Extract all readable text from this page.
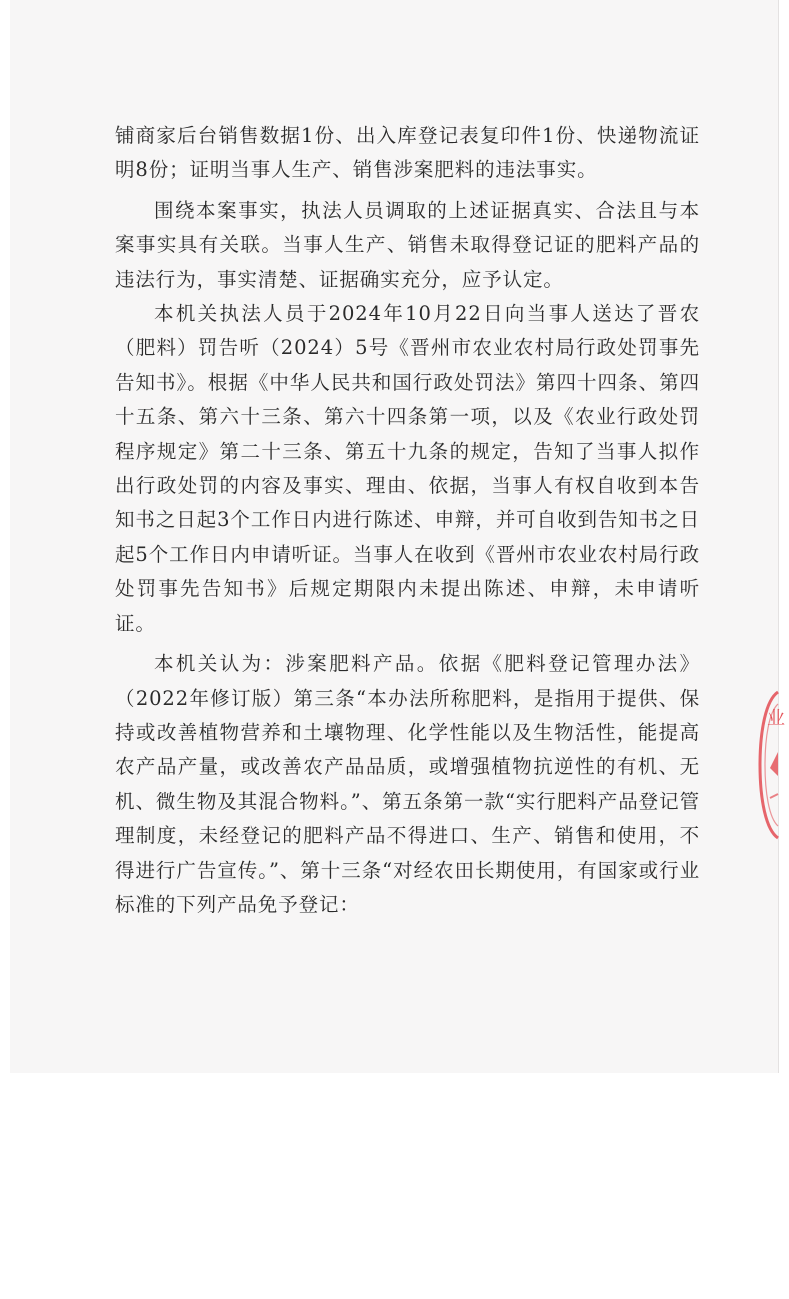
铺商家后台销售数据1份、出入库登记表复印件1份、快递物流证明8份；证明当事人生产、销售涉案肥料的违法事实。

围绕本案事实，执法人员调取的上述证据真实、合法且与本案事实具有关联。当事人生产、销售未取得登记证的肥料产品的违法行为，事实清楚、证据确实充分，应予认定。

本机关执法人员于2024年10月22日向当事人送达了晋农（肥料）罚告听（2024）5号《晋州市农业农村局行政处罚事先告知书》。根据《中华人民共和国行政处罚法》第四十四条、第四十五条、第六十三条、第六十四条第一项，以及《农业行政处罚程序规定》第二十三条、第五十九条的规定，告知了当事人拟作出行政处罚的内容及事实、理由、依据，当事人有权自收到本告知书之日起3个工作日内进行陈述、申辩，并可自收到告知书之日起5个工作日内申请听证。当事人在收到《晋州市农业农村局行政处罚事先告知书》后规定期限内未提出陈述、申辩，未申请听证。

本机关认为：涉案肥料产品。依据《肥料登记管理办法》（2022年修订版）第三条“本办法所称肥料，是指用于提供、保持或改善植物营养和土壤物理、化学性能以及生物活性，能提高农产品产量，或改善农产品品质，或增强植物抗逆性的有机、无机、微生物及其混合物料。”、第五条第一款“实行肥料产品登记管理制度，未经登记的肥料产品不得进口、生产、销售和使用，不得进行广告宣传。”、第十三条“对经农田长期使用，有国家或行业标准的下列产品免予登记：

业
